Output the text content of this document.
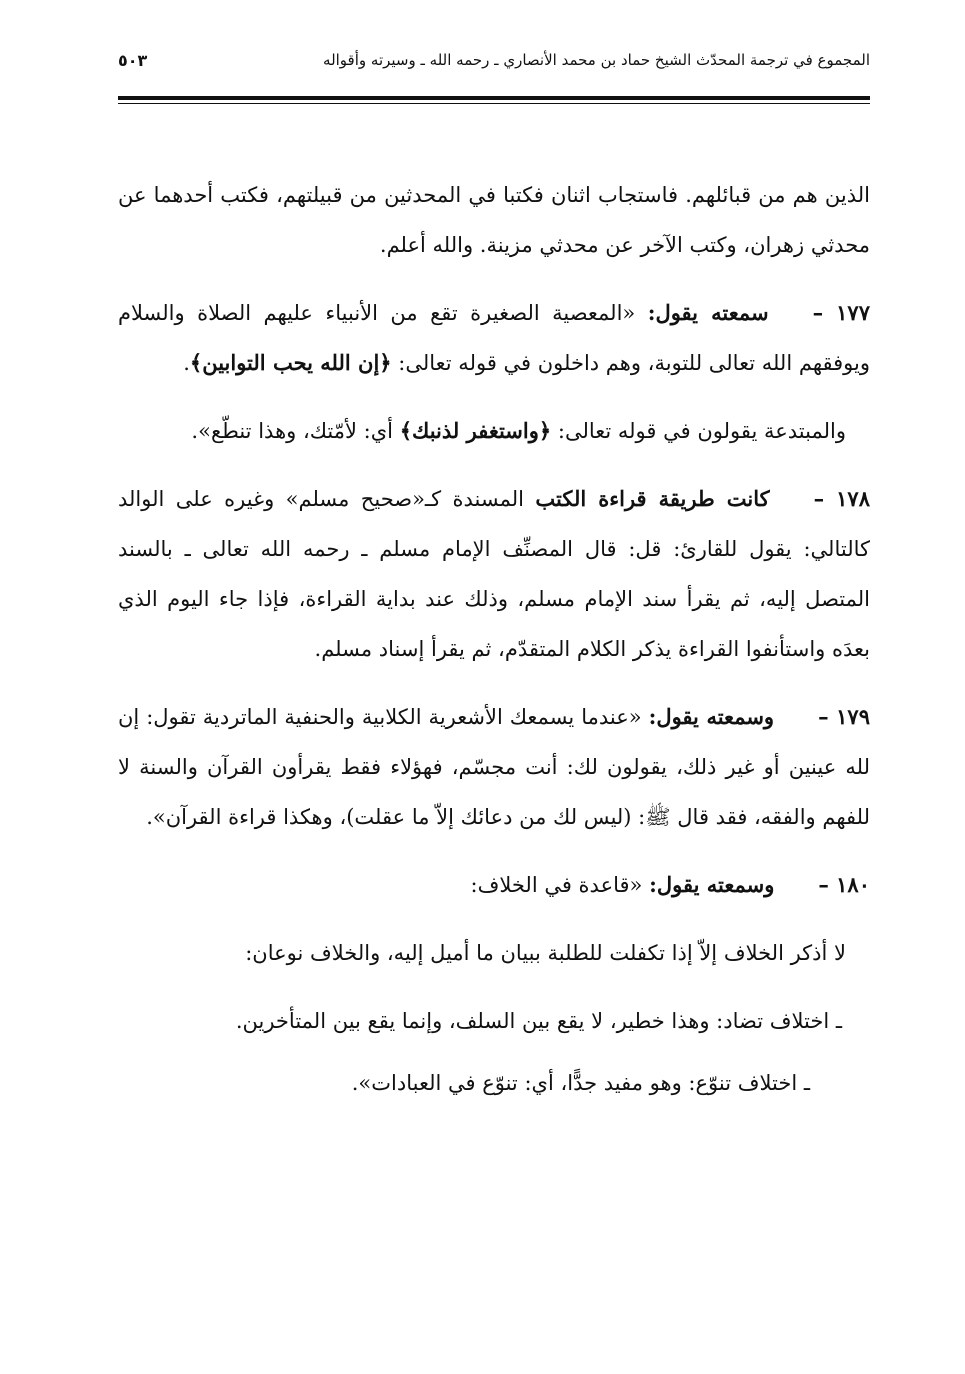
المجموع في ترجمة المحدّث الشيخ حماد بن محمد الأنصاري ـ رحمه الله ـ وسيرته وأقواله
٥٠٣

الذين هم من قبائلهم. فاستجاب اثنان فكتبا في المحدثين من قبيلتهم، فكتب أحدهما عن محدثي زهران، وكتب الآخر عن محدثي مزينة. والله أعلم.

١٧٧ –سمعته يقول: «المعصية الصغيرة تقع من الأنبياء عليهم الصلاة والسلام ويوفقهم الله تعالى للتوبة، وهم داخلون في قوله تعالى: ﴿إن الله يحب التوابين﴾.

والمبتدعة يقولون في قوله تعالى: ﴿واستغفر لذنبك﴾ أي: لأمّتك، وهذا تنطّع».

١٧٨ –كانت طريقة قراءة الكتب المسندة كـ«صحيح مسلم» وغيره على الوالد كالتالي: يقول للقارئ: قل: قال المصنِّف الإمام مسلم ـ رحمه الله تعالى ـ بالسند المتصل إليه، ثم يقرأ سند الإمام مسلم، وذلك عند بداية القراءة، فإذا جاء اليوم الذي بعدَه واستأنفوا القراءة يذكر الكلام المتقدّم، ثم يقرأ إسناد مسلم.

١٧٩ –وسمعته يقول: «عندما يسمعك الأشعرية الكلابية والحنفية الماتردية تقول: إن لله عينين أو غير ذلك، يقولون لك: أنت مجسّم، فهؤلاء فقط يقرأون القرآن والسنة لا للفهم والفقه، فقد قال ﷺ: (ليس لك من دعائك إلاّ ما عقلت)، وهكذا قراءة القرآن».

١٨٠ –وسمعته يقول: «قاعدة في الخلاف:

لا أذكر الخلاف إلاّ إذا تكفلت للطلبة ببيان ما أميل إليه، والخلاف نوعان:

ـ اختلاف تضاد: وهذا خطير، لا يقع بين السلف، وإنما يقع بين المتأخرين.

ـ اختلاف تنوّع: وهو مفيد جدًّا، أي: تنوّع في العبادات».
